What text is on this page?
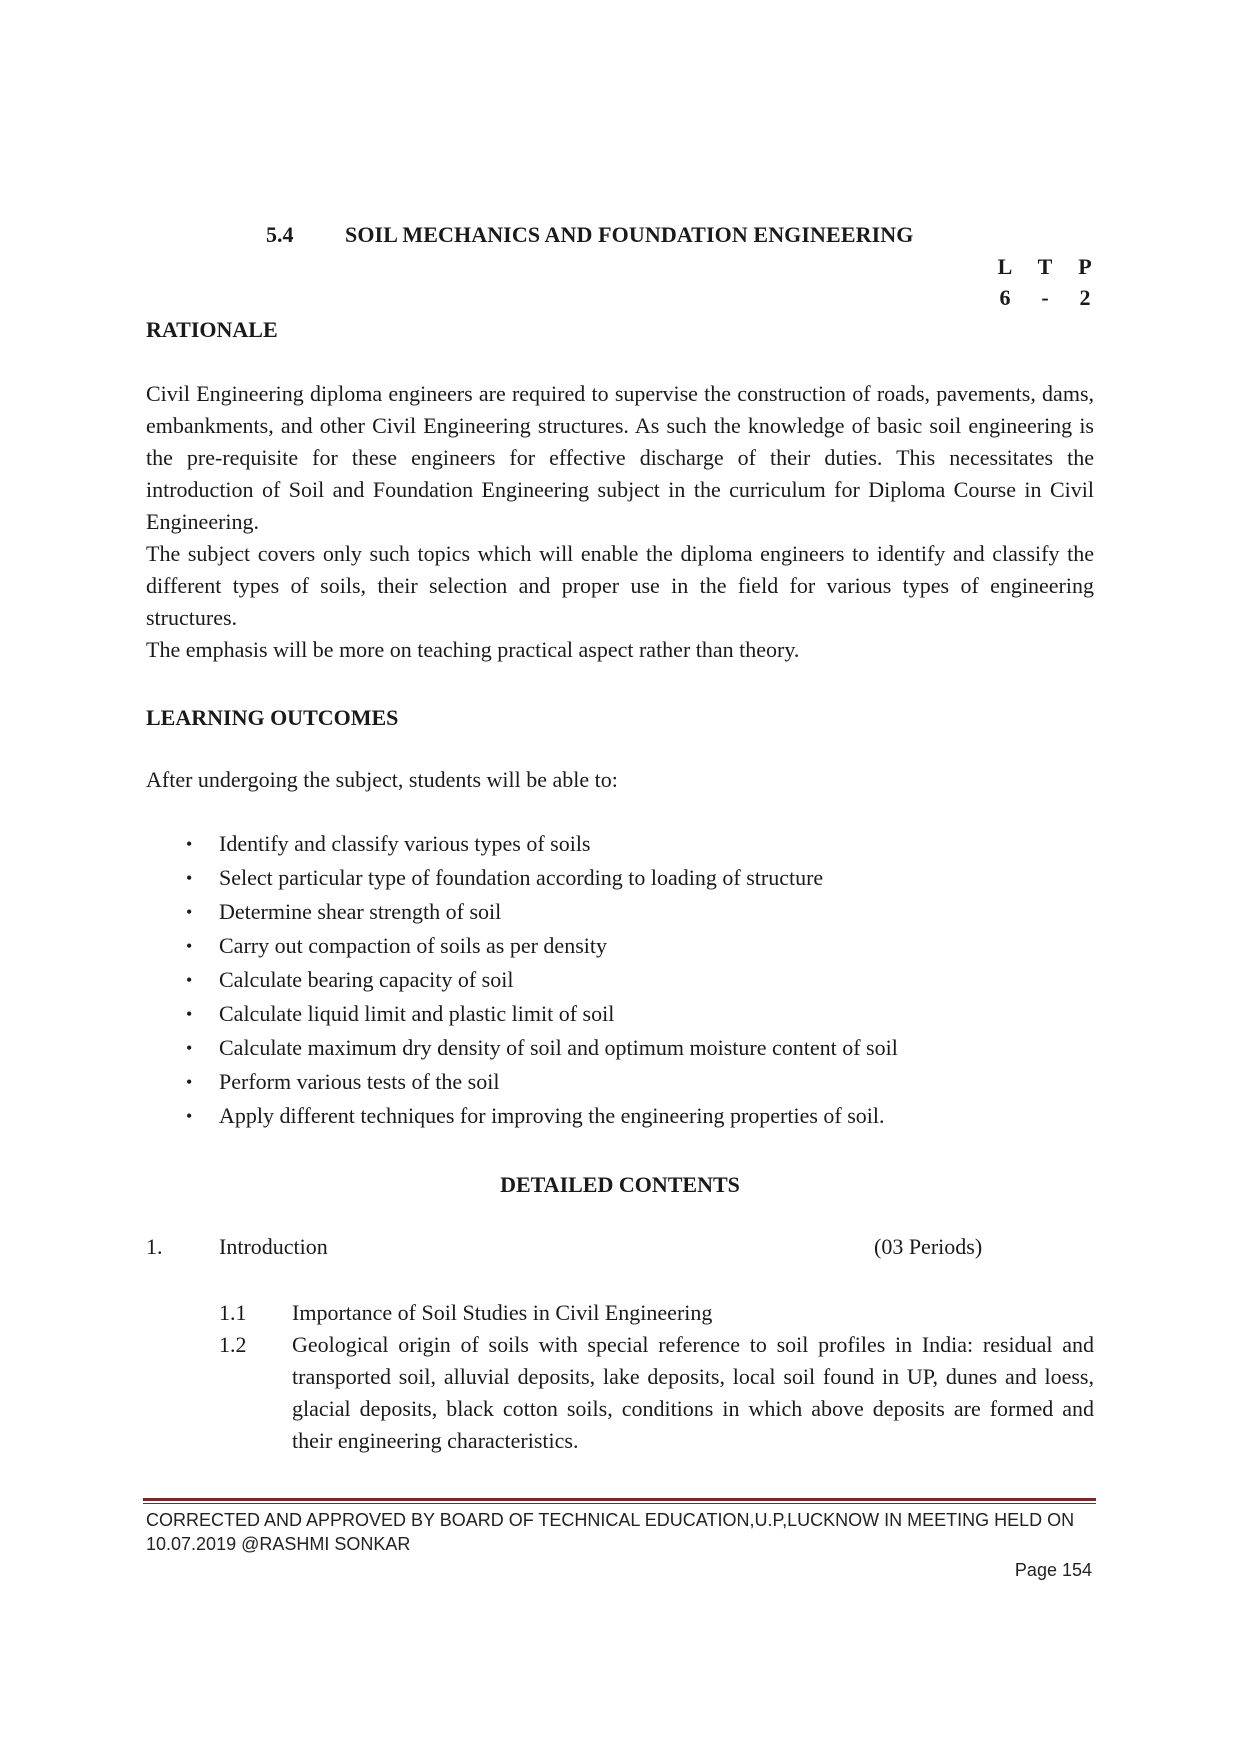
5.4 SOIL MECHANICS AND FOUNDATION ENGINEERING
L	T	P
6	-	2
RATIONALE
Civil Engineering diploma engineers are required to supervise the construction of roads, pavements, dams, embankments, and other Civil Engineering structures. As such the knowledge of basic soil engineering is the pre-requisite for these engineers for effective discharge of their duties. This necessitates the introduction of Soil and Foundation Engineering subject in the curriculum for Diploma Course in Civil Engineering.
The subject covers only such topics which will enable the diploma engineers to identify and classify the different types of soils, their selection and proper use in the field for various types of engineering structures.
The emphasis will be more on teaching practical aspect rather than theory.
LEARNING OUTCOMES
After undergoing the subject, students will be able to:
• Identify and classify various types of soils
• Select particular type of foundation according to loading of structure
• Determine shear strength of soil
• Carry out compaction of soils as per density
• Calculate bearing capacity of soil
• Calculate liquid limit and plastic limit of soil
• Calculate maximum dry density of soil and optimum moisture content of soil
• Perform various tests of the soil
• Apply different techniques for improving the engineering properties of soil.
DETAILED CONTENTS
1.	Introduction	(03 Periods)
1.1	Importance of Soil Studies in Civil Engineering
1.2	Geological origin of soils with special reference to soil profiles in India: residual and transported soil, alluvial deposits, lake deposits, local soil found in UP, dunes and loess, glacial deposits, black cotton soils, conditions in which above deposits are formed and their engineering characteristics.
CORRECTED AND APPROVED BY BOARD OF TECHNICAL EDUCATION,U.P,LUCKNOW IN MEETING HELD ON
10.07.2019 @RASHMI SONKAR
Page 154
